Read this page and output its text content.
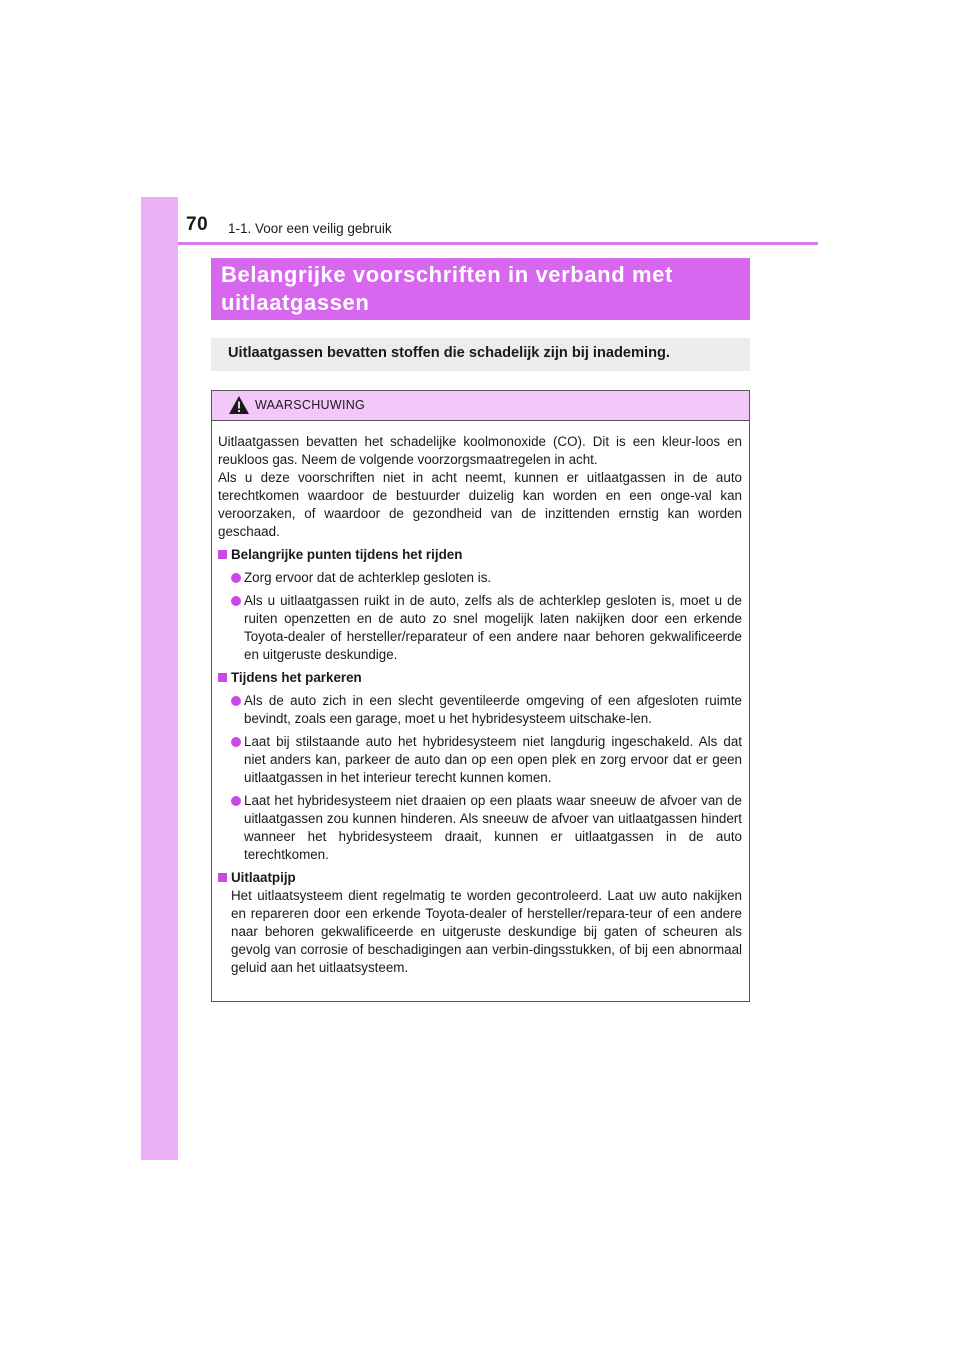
70 1-1. Voor een veilig gebruik
Belangrijke voorschriften in verband met
uitlaatgassen
Uitlaatgassen bevatten stoffen die schadelijk zijn bij inademing.
WAARSCHUWING

Uitlaatgassen bevatten het schadelijke koolmonoxide (CO). Dit is een kleur-loos en reukloos gas. Neem de volgende voorzorgsmaatregelen in acht.

Als u deze voorschriften niet in acht neemt, kunnen er uitlaatgassen in de auto terechtkomen waardoor de bestuurder duizelig kan worden en een onge-val kan veroorzaken, of waardoor de gezondheid van de inzittenden ernstig kan worden geschaad.

Belangrijke punten tijdens het rijden

Zorg ervoor dat de achterklep gesloten is.

Als u uitlaatgassen ruikt in de auto, zelfs als de achterklep gesloten is, moet u de ruiten openzetten en de auto zo snel mogelijk laten nakijken door een erkende Toyota-dealer of hersteller/reparateur of een andere naar behoren gekwalificeerde en uitgeruste deskundige.

Tijdens het parkeren

Als de auto zich in een slecht geventileerde omgeving of een afgesloten ruimte bevindt, zoals een garage, moet u het hybridesysteem uitschake-len.

Laat bij stilstaande auto het hybridesysteem niet langdurig ingeschakeld. Als dat niet anders kan, parkeer de auto dan op een open plek en zorg ervoor dat er geen uitlaatgassen in het interieur terecht kunnen komen.

Laat het hybridesysteem niet draaien op een plaats waar sneeuw de afvoer van de uitlaatgassen zou kunnen hinderen. Als sneeuw de afvoer van uitlaatgassen hindert wanneer het hybridesysteem draait, kunnen er uitlaatgassen in de auto terechtkomen.

Uitlaatpijp

Het uitlaatsysteem dient regelmatig te worden gecontroleerd. Laat uw auto nakijken en repareren door een erkende Toyota-dealer of hersteller/repara-teur of een andere naar behoren gekwalificeerde en uitgeruste deskundige bij gaten of scheuren als gevolg van corrosie of beschadigingen aan verbin-dingsstukken, of bij een abnormaal geluid aan het uitlaatsysteem.
